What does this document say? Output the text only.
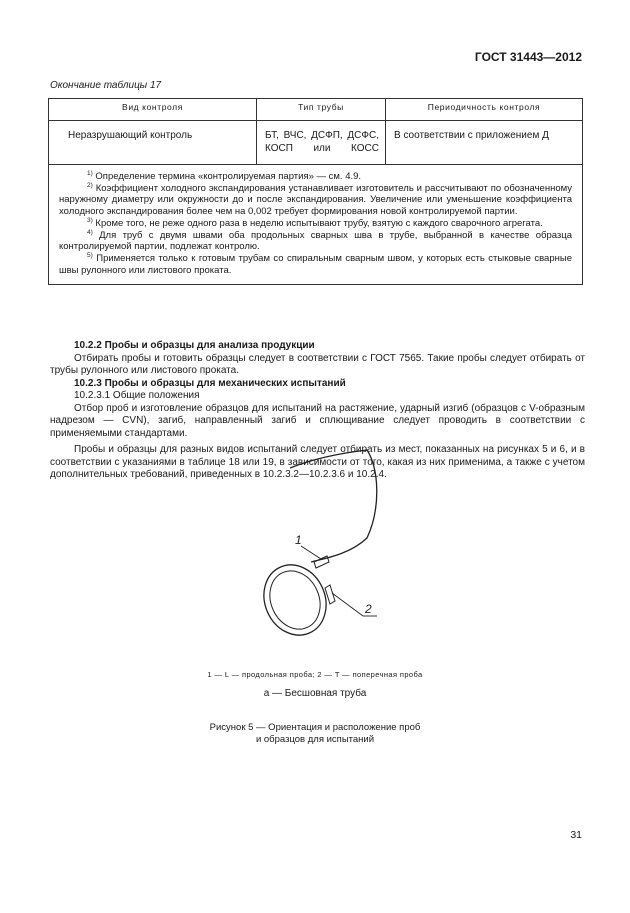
ГОСТ 31443—2012
Окончание таблицы 17
Вид контроля	Тип трубы	Периодичность контроля
Неразрушающий контроль	БТ, ВЧС, ДСФП, ДСФС, КОСП или КОСС	В соответствии с приложением Д

$^{1)}$ Определение термина «контролируемая партия» — см. 4.9.

$^{2)}$ Коэффициент холодного экспандирования устанавливает изготовитель и рассчитывают по обозначенному наружному диаметру или окружности до и после экспандирования. Увеличение или уменьшение коэффициента холодного экспандирования более чем на 0,002 требует формирования новой контролируемой партии.

$^{3)}$ Кроме того, не реже одного раза в неделю испытывают трубу, взятую с каждого сварочного агрегата.

$^{4)}$ Для труб с двумя швами оба продольных сварных шва в трубе, выбранной в качестве образца контролируемой партии, подлежат контролю.

$^{5)}$ Применяется только к готовым трубам со спиральным сварным швом, у которых есть стыковые сварные швы рулонного или листового проката.		

10.2.2 Пробы и образцы для анализа продукции

Отбирать пробы и готовить образцы следует в соответствии с ГОСТ 7565. Такие пробы следует отбирать от трубы рулонного или листового проката.

10.2.3 Пробы и образцы для механических испытаний

10.2.3.1 Общие положения

Отбор проб и изготовление образцов для испытаний на растяжение, ударный изгиб (образцов с V-образным надрезом — CVN), загиб, направленный загиб и сплющивание следует проводить в соответствии с применяемыми стандартами.

Пробы и образцы для разных видов испытаний следует отбирать из мест, показанных на рисунках 5 и 6, и в соответствии с указаниями в таблице 18 или 19, в зависимости от того, какая из них применима, а также с учетом дополнительных требований, приведенных в 10.2.3.2—10.2.3.6 и 10.2.4.

1
2
1 — L — продольная проба; 2 — T — поперечная проба
a — Бесшовная труба
Рисунок 5 — Ориентация и расположение проб
и образцов для испытаний
31
